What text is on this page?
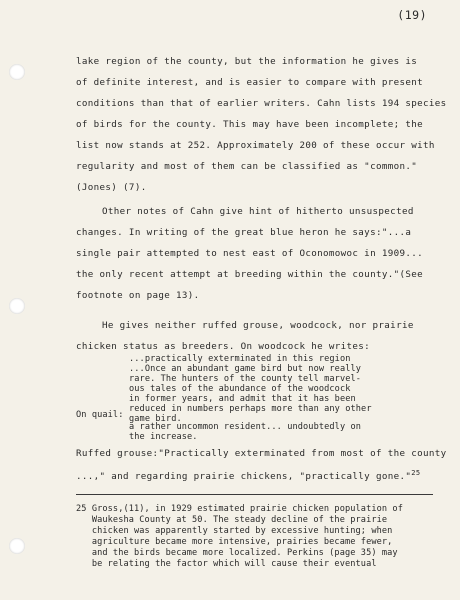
(19)
lake region of the county, but the information he gives is
of definite interest, and is easier to compare with present
conditions than that of earlier writers. Cahn lists 194 species
of birds for the county. This may have been incomplete; the
list now stands at 252. Approximately 200 of these occur with
regularity and most of them can be classified as "common."
(Jones) (7).
Other notes of Cahn give hint of hitherto unsuspected
changes. In writing of the great blue heron he says:"...a
single pair attempted to nest east of Oconomowoc in 1909...
the only recent attempt at breeding within the county."(See
footnote on page 13).
He gives neither ruffed grouse, woodcock, nor prairie
chicken status as breeders. On woodcock he writes:
...practically exterminated in this region
...Once an abundant game bird but now really
rare. The hunters of the county tell marvel-
ous tales of the abundance of the woodcock
in former years, and admit that it has been
reduced in numbers perhaps more than any other
game bird.
On quail:
a rather uncommon resident... undoubtedly on
the increase.
Ruffed grouse:"Practically exterminated from most of the county
...," and regarding prairie chickens, "practically gone."$^{25}$
25 Gross,(11), in 1929 estimated prairie chicken population of
Waukesha County at 50. The steady decline of the prairie
chicken was apparently started by excessive hunting; when
agriculture became more intensive, prairies became fewer,
and the birds became more localized. Perkins (page 35) may
be relating the factor which will cause their eventual
